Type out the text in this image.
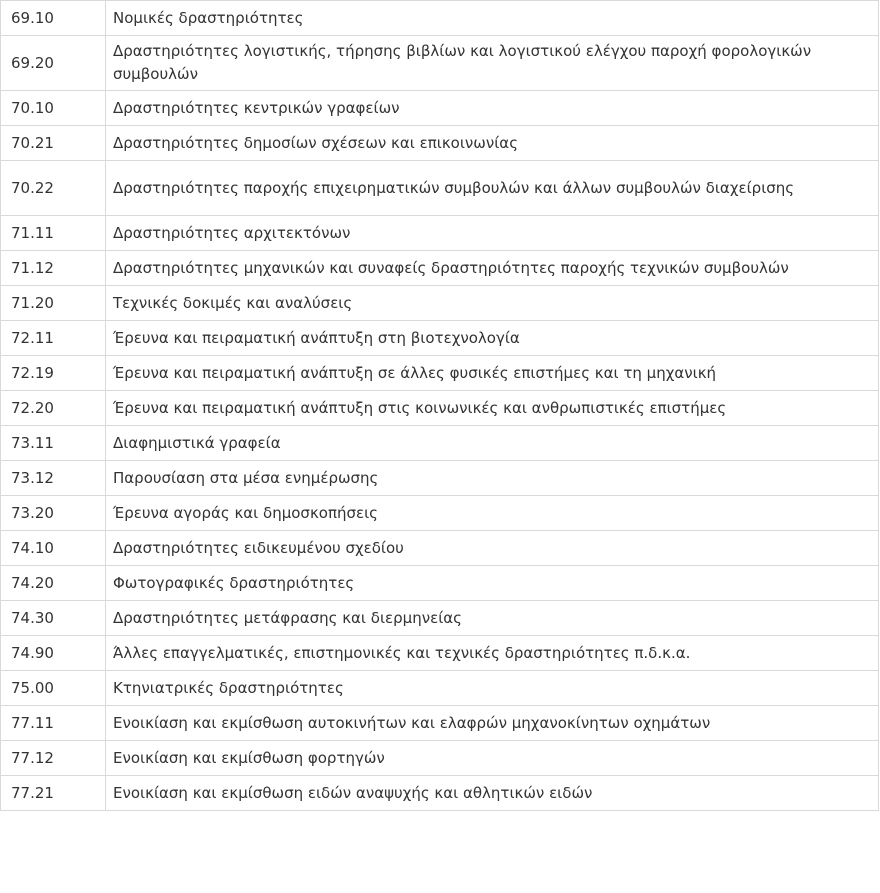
69.10	Νομικές δραστηριότητες
69.20	Δραστηριότητες λογιστικής, τήρησης βιβλίων και λογιστικού ελέγχου παροχή φορολογικών συμβουλών
70.10	Δραστηριότητες κεντρικών γραφείων
70.21	Δραστηριότητες δημοσίων σχέσεων και επικοινωνίας
70.22	Δραστηριότητες παροχής επιχειρηματικών συμβουλών και άλλων συμβουλών διαχείρισης
71.11	Δραστηριότητες αρχιτεκτόνων
71.12	Δραστηριότητες μηχανικών και συναφείς δραστηριότητες παροχής τεχνικών συμβουλών
71.20	Τεχνικές δοκιμές και αναλύσεις
72.11	Έρευνα και πειραματική ανάπτυξη στη βιοτεχνολογία
72.19	Έρευνα και πειραματική ανάπτυξη σε άλλες φυσικές επιστήμες και τη μηχανική
72.20	Έρευνα και πειραματική ανάπτυξη στις κοινωνικές και ανθρωπιστικές επιστήμες
73.11	Διαφημιστικά γραφεία
73.12	Παρουσίαση στα μέσα ενημέρωσης
73.20	Έρευνα αγοράς και δημοσκοπήσεις
74.10	Δραστηριότητες ειδικευμένου σχεδίου
74.20	Φωτογραφικές δραστηριότητες
74.30	Δραστηριότητες μετάφρασης και διερμηνείας
74.90	Άλλες επαγγελματικές, επιστημονικές και τεχνικές δραστηριότητες π.δ.κ.α.
75.00	Κτηνιατρικές δραστηριότητες
77.11	Ενοικίαση και εκμίσθωση αυτοκινήτων και ελαφρών μηχανοκίνητων οχημάτων
77.12	Ενοικίαση και εκμίσθωση φορτηγών
77.21	Ενοικίαση και εκμίσθωση ειδών αναψυχής και αθλητικών ειδών
